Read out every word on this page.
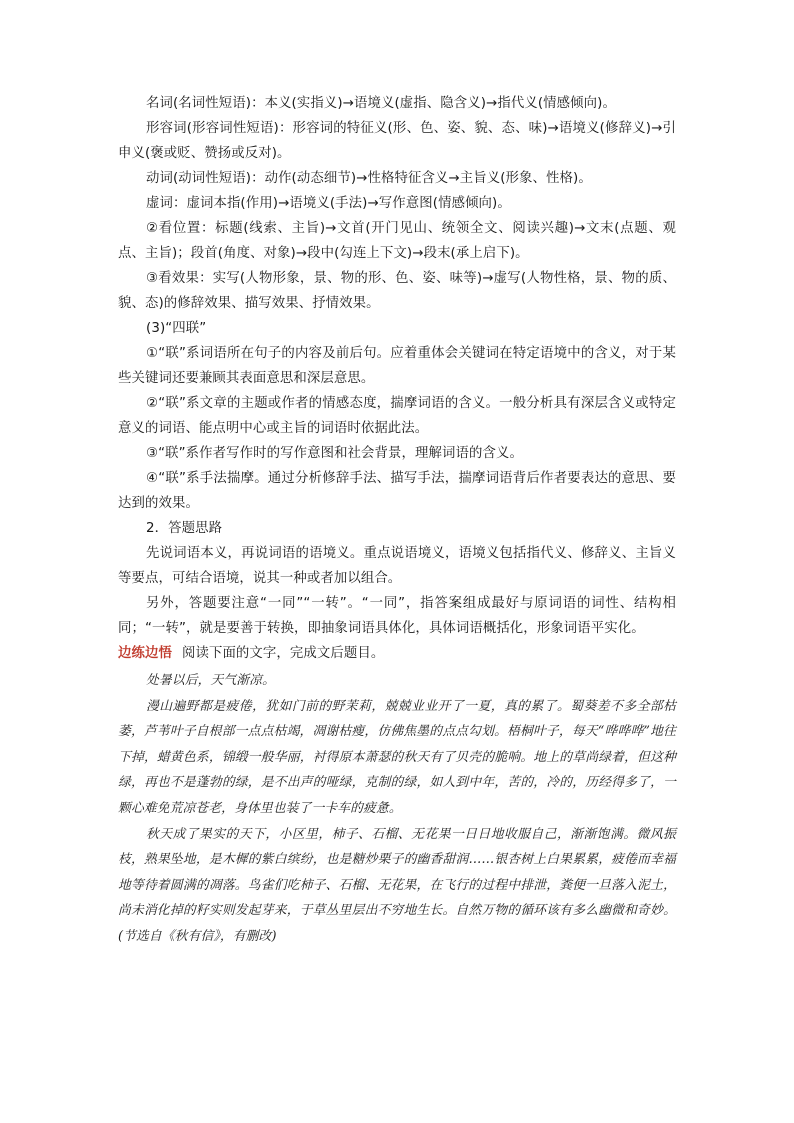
名词(名词性短语)：本义(实指义)→语境义(虚指、隐含义)→指代义(情感倾向)。

形容词(形容词性短语)：形容词的特征义(形、色、姿、貌、态、味)→语境义(修辞义)→引申义(褒或贬、赞扬或反对)。

动词(动词性短语)：动作(动态细节)→性格特征含义→主旨义(形象、性格)。

虚词：虚词本指(作用)→语境义(手法)→写作意图(情感倾向)。

②看位置：标题(线索、主旨)→文首(开门见山、统领全文、阅读兴趣)→文末(点题、观点、主旨)；段首(角度、对象)→段中(勾连上下文)→段末(承上启下)。

③看效果：实写(人物形象，景、物的形、色、姿、味等)→虚写(人物性格，景、物的质、貌、态)的修辞效果、描写效果、抒情效果。

(3)“四联”

①“联”系词语所在句子的内容及前后句。应着重体会关键词在特定语境中的含义，对于某些关键词还要兼顾其表面意思和深层意思。

②“联”系文章的主题或作者的情感态度，揣摩词语的含义。一般分析具有深层含义或特定意义的词语、能点明中心或主旨的词语时依据此法。

③“联”系作者写作时的写作意图和社会背景，理解词语的含义。

④“联”系手法揣摩。通过分析修辞手法、描写手法，揣摩词语背后作者要表达的意思、要达到的效果。

2．答题思路

先说词语本义，再说词语的语境义。重点说语境义，语境义包括指代义、修辞义、主旨义等要点，可结合语境，说其一种或者加以组合。

另外，答题要注意“一同”“一转”。“一同”，指答案组成最好与原词语的词性、结构相同；“一转”，就是要善于转换，即抽象词语具体化，具体词语概括化，形象词语平实化。

边练边悟 阅读下面的文字，完成文后题目。

处暑以后，天气渐凉。

漫山遍野都是疲倦，犹如门前的野茉莉，兢兢业业开了一夏，真的累了。蜀葵差不多全部枯萎，芦苇叶子自根部一点点枯竭，凋谢枯瘦，仿佛焦墨的点点勾划。梧桐叶子，每天“哗哗哗”地往下掉，蜡黄色系，锦缎一般华丽，衬得原本萧瑟的秋天有了贝壳的脆响。地上的草尚绿着，但这种绿，再也不是蓬勃的绿，是不出声的哑绿，克制的绿，如人到中年，苦的，冷的，历经得多了，一颗心难免荒凉苍老，身体里也装了一卡车的疲惫。

秋天成了果实的天下，小区里，柿子、石榴、无花果一日日地收服自己，渐渐饱满。微风振枝，熟果坠地，是木樨的紫白缤纷，也是糖炒栗子的幽香甜润……银杏树上白果累累，疲倦而幸福地等待着圆满的凋落。鸟雀们吃柿子、石榴、无花果，在飞行的过程中排泄，粪便一旦落入泥土，尚未消化掉的籽实则发起芽来，于草丛里层出不穷地生长。自然万物的循环该有多么幽微和奇妙。(节选自《秋有信》，有删改)
